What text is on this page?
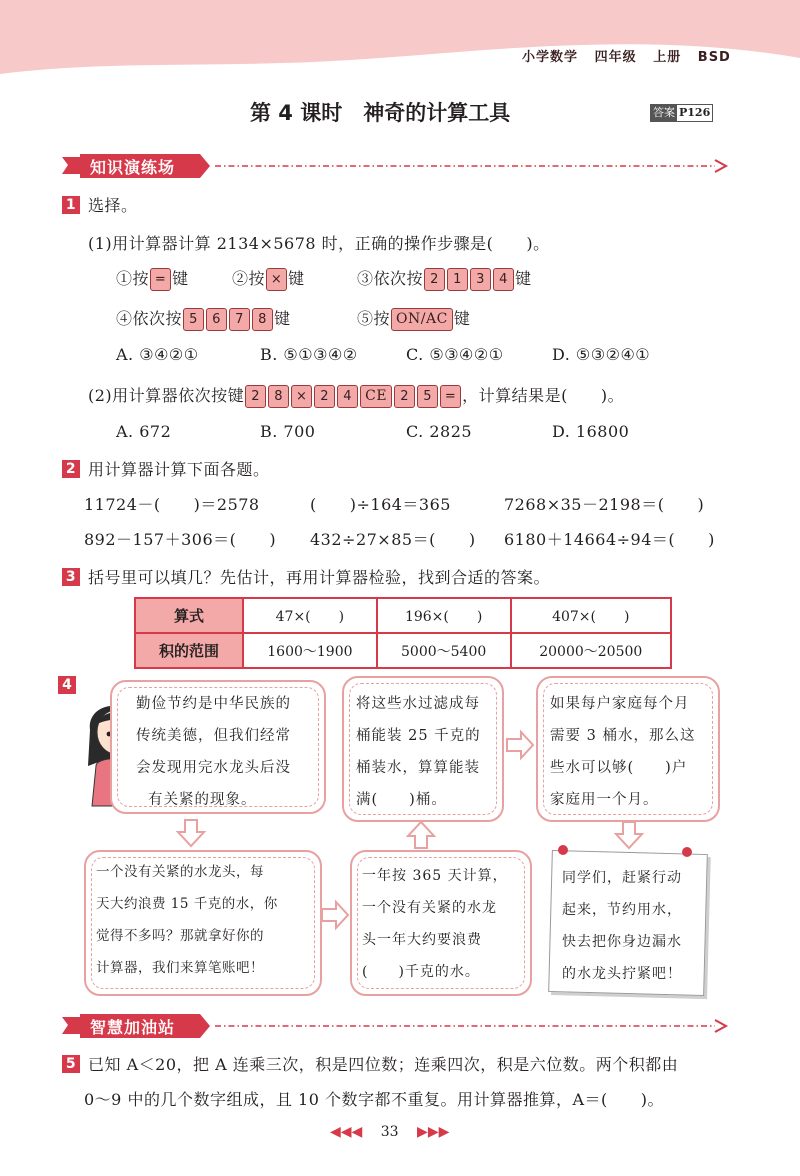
小学数学 四年级 上册 BSD
第 4 课时　神奇的计算工具	答案 P126
知识演练场
1 选择。
(1)用计算器计算 2134×5678 时，正确的操作步骤是(　　)。
①按 = 键	②按 × 键	③依次按 2 1 3 4 键
④依次按 5 6 7 8 键	⑤按 ON/AC 键
A. ③④②①	B. ⑤①③④②	C. ⑤③④②①	D. ⑤③②④①
(2)用计算器依次按键 2 8 × 2 4 CE 2 5 = ，计算结果是(　　)。
A. 672	B. 700	C. 2825	D. 16800
2 用计算器计算下面各题。
11724－(　　)＝2578	(　　)÷164＝365	7268×35－2198＝(　　)
892－157＋306＝(　　) 432÷27×85＝(　　) 6180＋14664÷94＝(　　)
3 括号里可以填几？先估计，再用计算器检验，找到合适的答案。
算式	47×(　　)	196×(　　)	407×(　　)
积的范围	1600～1900	5000～5400	20000～20500
4
勤俭节约是中华民族的
传统美德，但我们经常
会发现用完水龙头后没
有关紧的现象。
将这些水过滤成每
桶能装 25 千克的
桶装水，算算能装
满(　　)桶。
如果每户家庭每个月
需要 3 桶水，那么这
些水可以够(　　)户
家庭用一个月。
一个没有关紧的水龙头，每
天大约浪费 15 千克的水，你
觉得不多吗？那就拿好你的
计算器，我们来算笔账吧！
一年按 365 天计算，
一个没有关紧的水龙
头一年大约要浪费
(　　)千克的水。
同学们，赶紧行动
起来，节约用水，
快去把你身边漏水
的水龙头拧紧吧！
智慧加油站
5 已知 A＜20，把 A 连乘三次，积是四位数；连乘四次，积是六位数。两个积都由
0～9 中的几个数字组成，且 10 个数字都不重复。用计算器推算，A＝(　　)。
◀◀◀ 33 ▶▶▶
